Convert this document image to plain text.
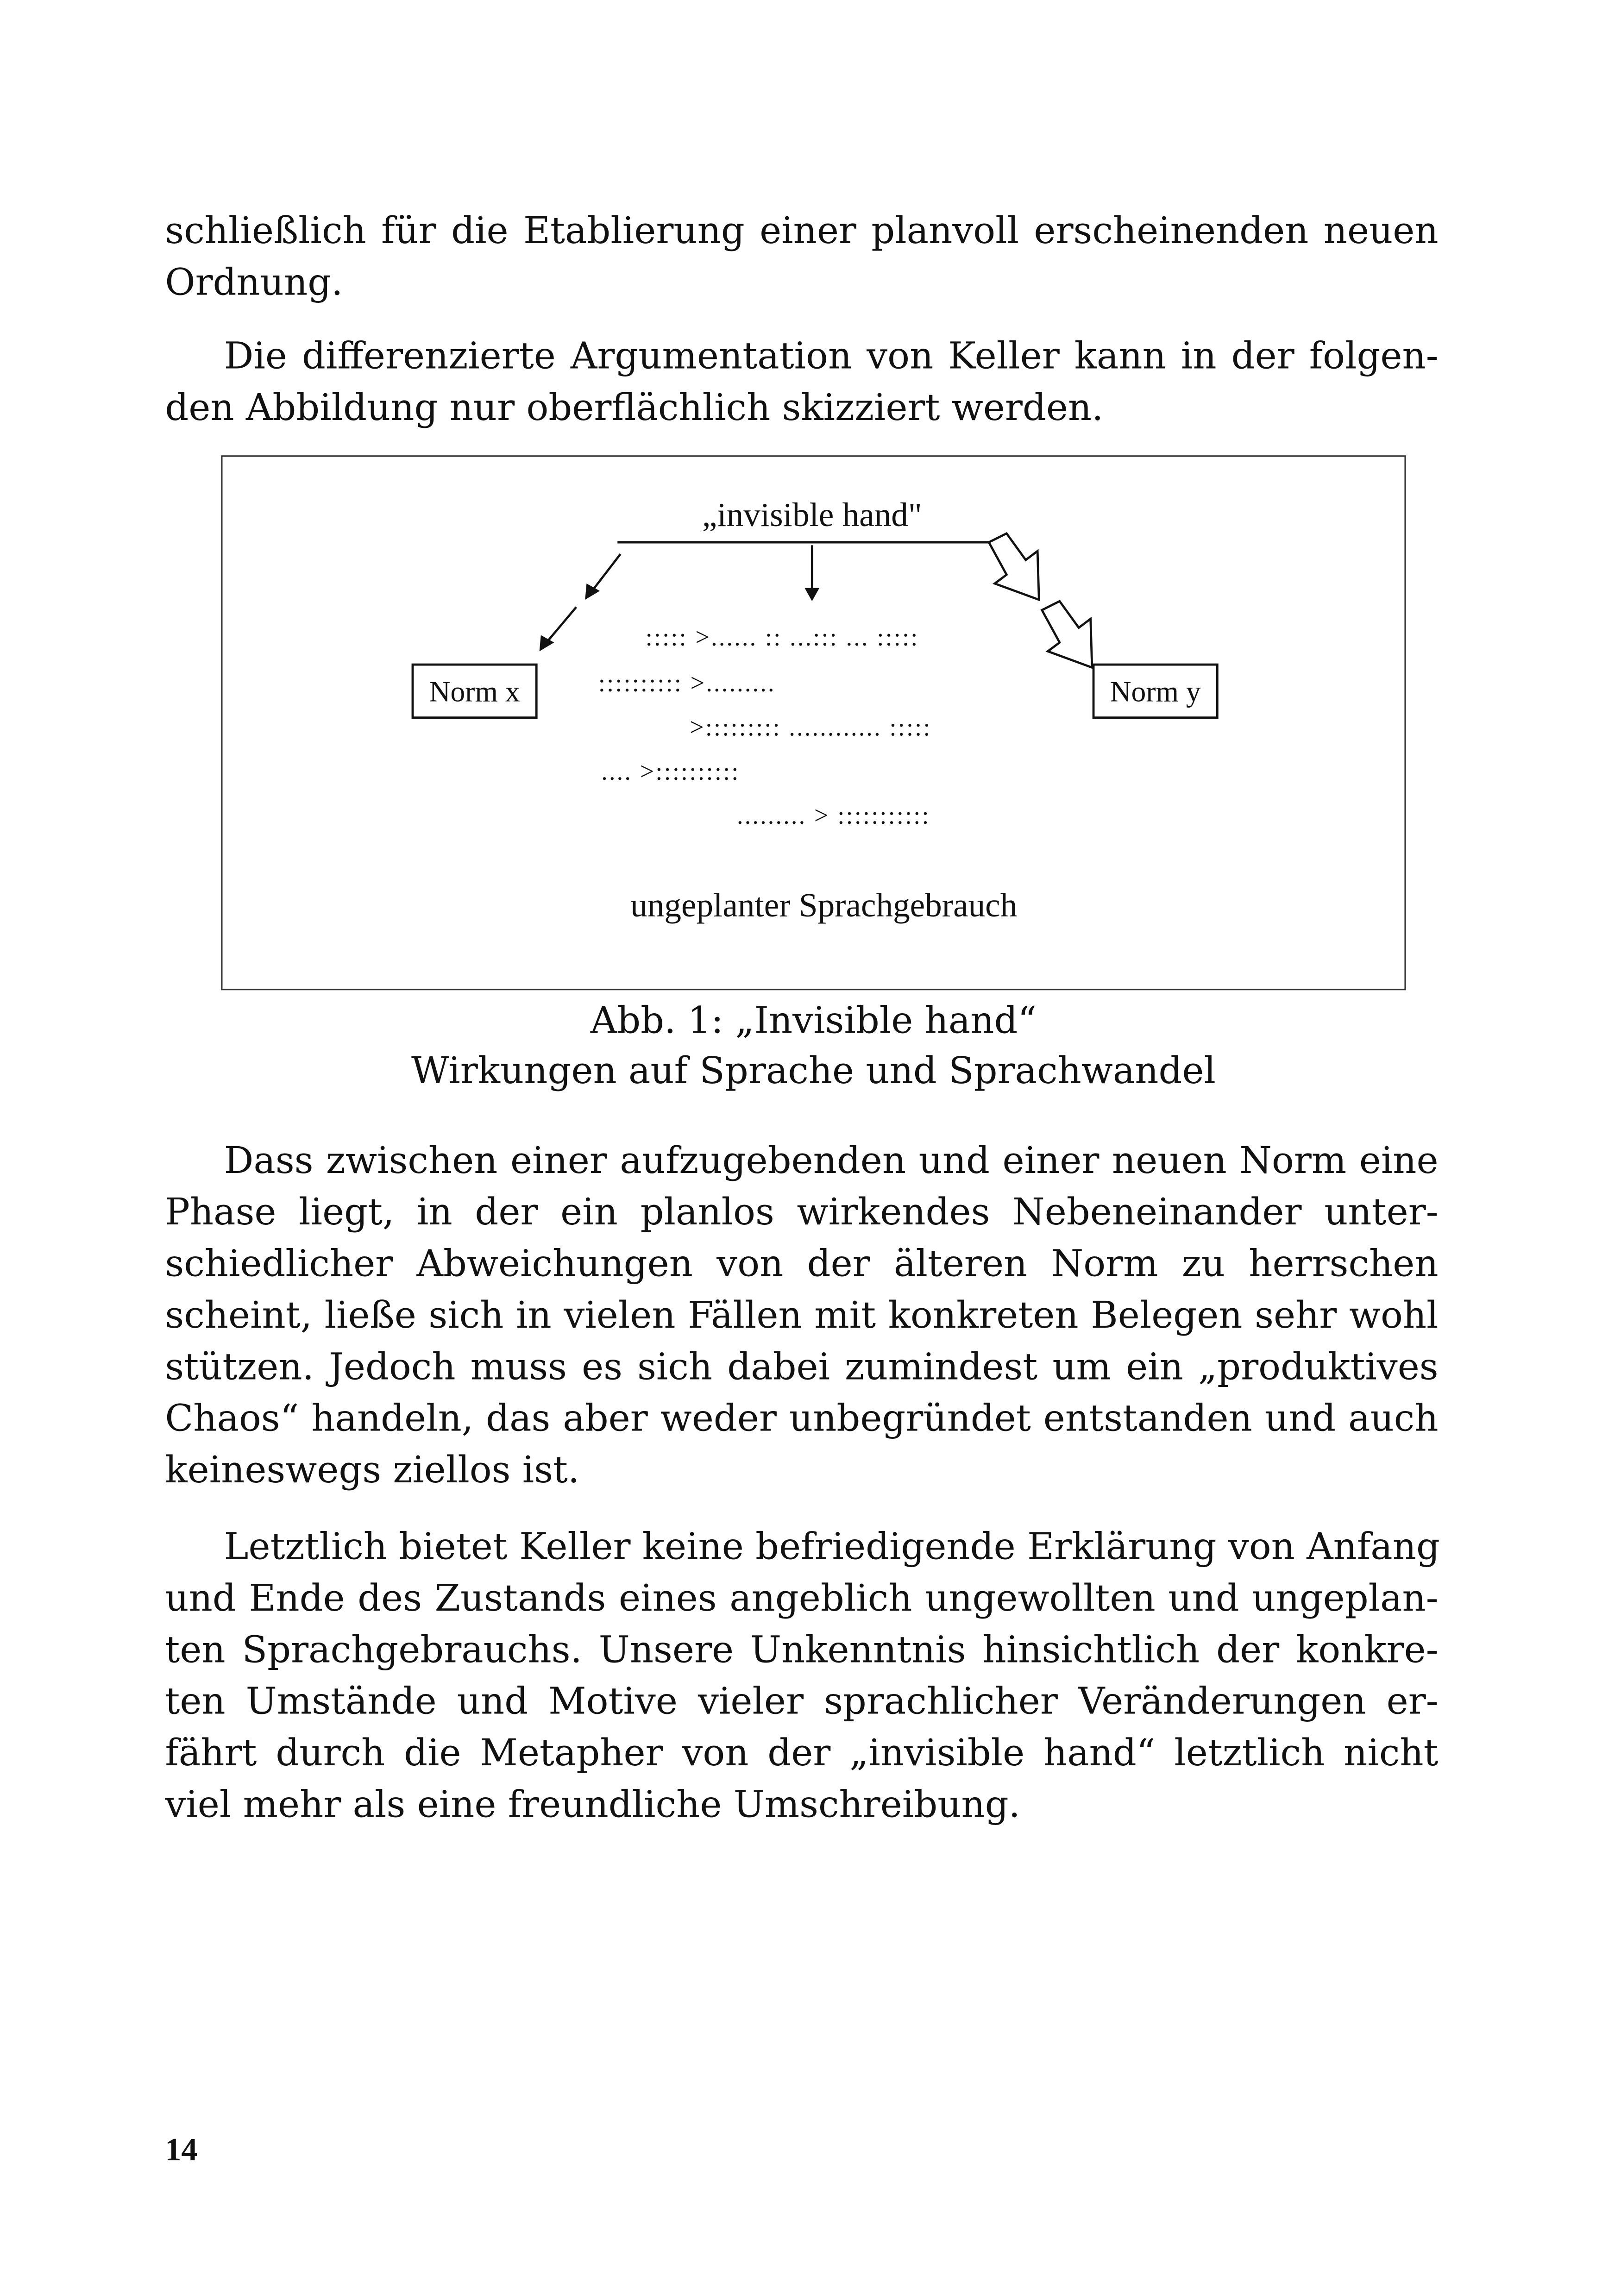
schließlich für die Etablierung einer planvoll erscheinenden neuen
Ordnung.
Die differenzierte Argumentation von Keller kann in der folgen-
den Abbildung nur oberflächlich skizziert werden.
„invisible hand"
Norm x	Norm y
::::: >...... :: ...::: ... :::::
:::::::::: >.........
>::::::::: ............ :::::
.... >::::::::::
......... > :::::::::::
ungeplanter Sprachgebrauch
Abb. 1: „Invisible hand“
Wirkungen auf Sprache und Sprachwandel
Dass zwischen einer aufzugebenden und einer neuen Norm eine
Phase liegt, in der ein planlos wirkendes Nebeneinander unter-
schiedlicher Abweichungen von der älteren Norm zu herrschen
scheint, ließe sich in vielen Fällen mit konkreten Belegen sehr wohl
stützen. Jedoch muss es sich dabei zumindest um ein „produktives
Chaos“ handeln, das aber weder unbegründet entstanden und auch
keineswegs ziellos ist.
Letztlich bietet Keller keine befriedigende Erklärung von Anfang
und Ende des Zustands eines angeblich ungewollten und ungeplan-
ten Sprachgebrauchs. Unsere Unkenntnis hinsichtlich der konkre-
ten Umstände und Motive vieler sprachlicher Veränderungen er-
fährt durch die Metapher von der „invisible hand“ letztlich nicht
viel mehr als eine freundliche Umschreibung.
14
